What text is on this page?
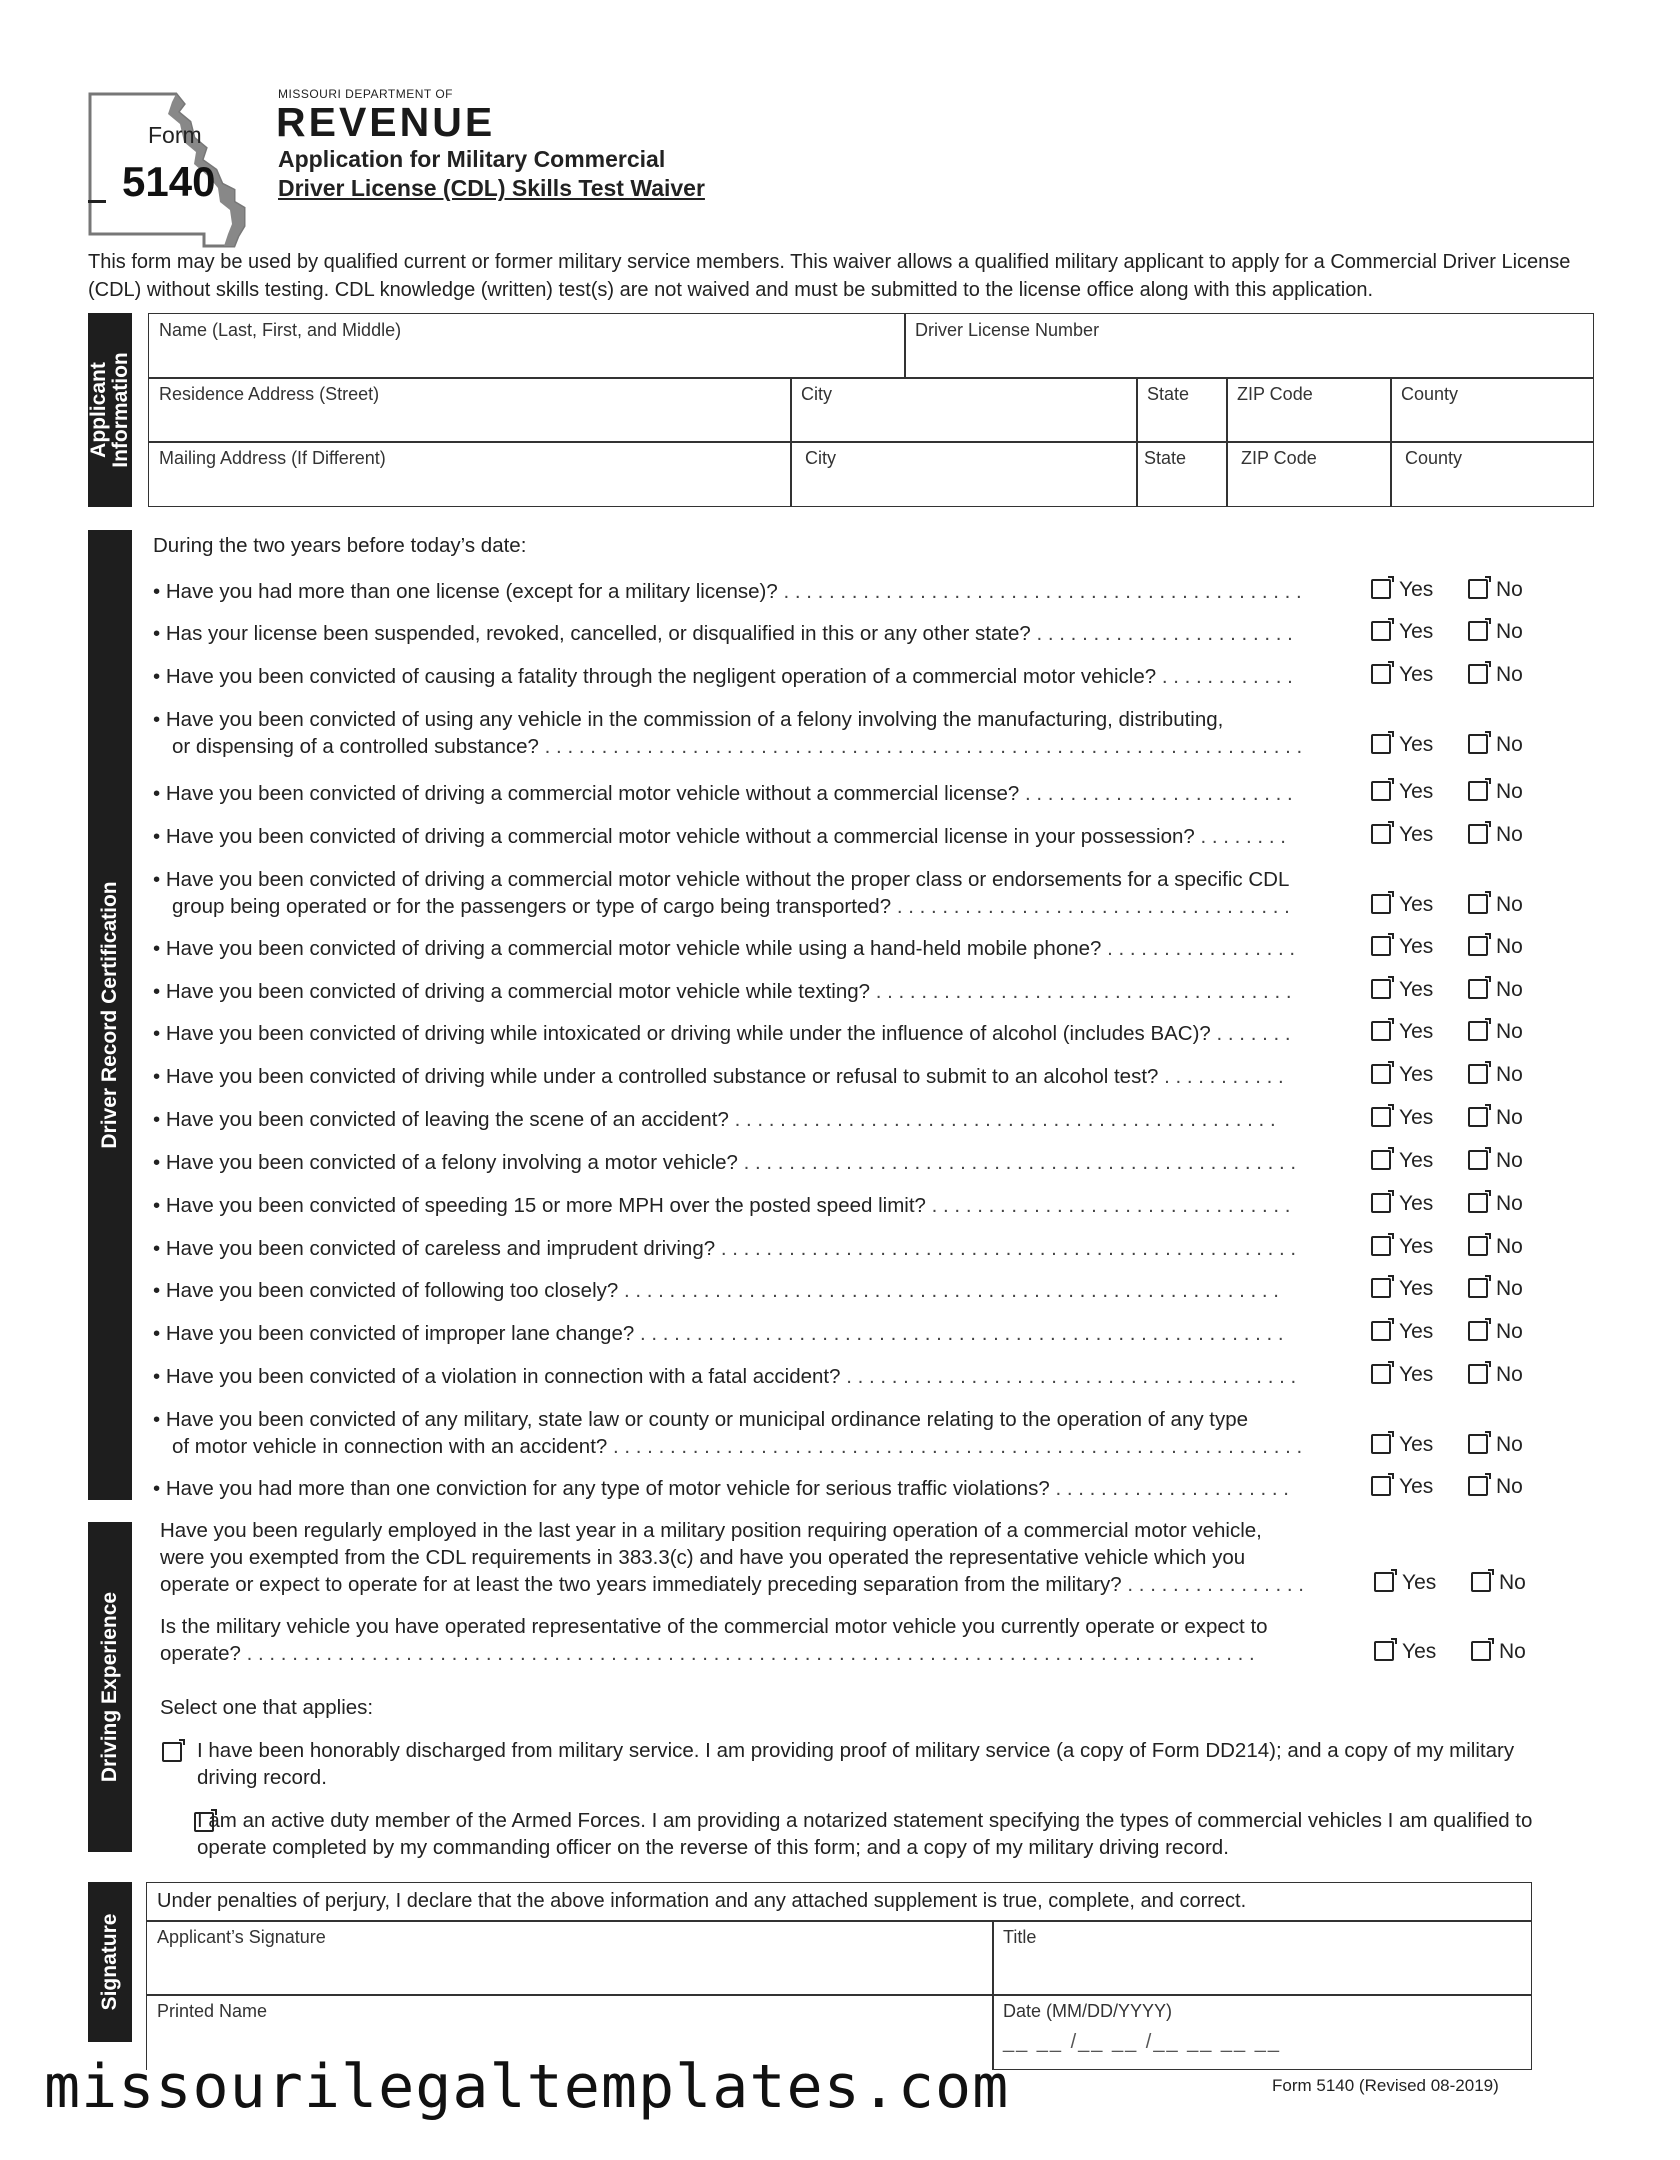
Form
5140
MISSOURI DEPARTMENT OF
REVENUE
Application for Military Commercial
Driver License (CDL) Skills Test Waiver
This form may be used by qualified current or former military service members. This waiver allows a qualified military applicant to apply for a Commercial Driver License (CDL) without skills testing. CDL knowledge (written) test(s) are not waived and must be submitted to the license office along with this application.
Applicant Information
Name (Last, First, and Middle)	Driver License Number
Residence Address (Street)	City	State	ZIP Code	County
Mailing Address (If Different)	City	State	ZIP Code	County
Driver Record Certification
During the two years before today’s date:
• Have you had more than one license (except for a military license)? . . . . . . . . . . . . . . . . . . . . . . . . . . . . . . . . . . . . . . . . . . . . . .	Yes	No
• Has your license been suspended, revoked, cancelled, or disqualified in this or any other state? . . . . . . . . . . . . . . . . . . . . . . .	Yes	No
• Have you been convicted of causing a fatality through the negligent operation of a commercial motor vehicle? . . . . . . . . . . . .	Yes	No
• Have you been convicted of using any vehicle in the commission of a felony involving the manufacturing, distributing,
or dispensing of a controlled substance? . . . . . . . . . . . . . . . . . . . . . . . . . . . . . . . . . . . . . . . . . . . . . . . . . . . . . . . . . . . . . . . . . . .	Yes	No
• Have you been convicted of driving a commercial motor vehicle without a commercial license? . . . . . . . . . . . . . . . . . . . . . . . .	Yes	No
• Have you been convicted of driving a commercial motor vehicle without a commercial license in your possession? . . . . . . . .	Yes	No
• Have you been convicted of driving a commercial motor vehicle without the proper class or endorsements for a specific CDL
group being operated or for the passengers or type of cargo being transported? . . . . . . . . . . . . . . . . . . . . . . . . . . . . . . . . . . .	Yes	No
• Have you been convicted of driving a commercial motor vehicle while using a hand-held mobile phone? . . . . . . . . . . . . . . . . .	Yes	No
• Have you been convicted of driving a commercial motor vehicle while texting? . . . . . . . . . . . . . . . . . . . . . . . . . . . . . . . . . . . . .	Yes	No
• Have you been convicted of driving while intoxicated or driving while under the influence of alcohol (includes BAC)? . . . . . . .	Yes	No
• Have you been convicted of driving while under a controlled substance or refusal to submit to an alcohol test? . . . . . . . . . . .	Yes	No
• Have you been convicted of leaving the scene of an accident? . . . . . . . . . . . . . . . . . . . . . . . . . . . . . . . . . . . . . . . . . . . . . . . .	Yes	No
• Have you been convicted of a felony involving a motor vehicle? . . . . . . . . . . . . . . . . . . . . . . . . . . . . . . . . . . . . . . . . . . . . . . . . .	Yes	No
• Have you been convicted of speeding 15 or more MPH over the posted speed limit? . . . . . . . . . . . . . . . . . . . . . . . . . . . . . . . .	Yes	No
• Have you been convicted of careless and imprudent driving? . . . . . . . . . . . . . . . . . . . . . . . . . . . . . . . . . . . . . . . . . . . . . . . . . . .	Yes	No
• Have you been convicted of following too closely? . . . . . . . . . . . . . . . . . . . . . . . . . . . . . . . . . . . . . . . . . . . . . . . . . . . . . . . . . .	Yes	No
• Have you been convicted of improper lane change? . . . . . . . . . . . . . . . . . . . . . . . . . . . . . . . . . . . . . . . . . . . . . . . . . . . . . . . . .	Yes	No
• Have you been convicted of a violation in connection with a fatal accident? . . . . . . . . . . . . . . . . . . . . . . . . . . . . . . . . . . . . . . . .	Yes	No
• Have you been convicted of any military, state law or county or municipal ordinance relating to the operation of any type
of motor vehicle in connection with an accident? . . . . . . . . . . . . . . . . . . . . . . . . . . . . . . . . . . . . . . . . . . . . . . . . . . . . . . . . . . . . .	Yes	No
• Have you had more than one conviction for any type of motor vehicle for serious traffic violations? . . . . . . . . . . . . . . . . . . . . .	Yes	No
Driving Experience
Have you been regularly employed in the last year in a military position requiring operation of a commercial motor vehicle,
were you exempted from the CDL requirements in 383.3(c) and have you operated the representative vehicle which you
operate or expect to operate for at least the two years immediately preceding separation from the military? . . . . . . . . . . . . . . . .	Yes	No
Is the military vehicle you have operated representative of the commercial motor vehicle you currently operate or expect to
operate? . . . . . . . . . . . . . . . . . . . . . . . . . . . . . . . . . . . . . . . . . . . . . . . . . . . . . . . . . . . . . . . . . . . . . . . . . . . . . . . . . . . . . . . . .	Yes	No
Select one that applies:

I have been honorably discharged from military service. I am providing proof of military service (a copy of Form DD214); and a copy of my military
driving record.
I am an active duty member of the Armed Forces. I am providing a notarized statement specifying the types of commercial vehicles I am qualified to
operate completed by my commanding officer on the reverse of this form; and a copy of my military driving record.
Signature
Under penalties of perjury, I declare that the above information and any attached supplement is true, complete, and correct.
Applicant’s Signature	Title
Printed Name	Date (MM/DD/YYYY)
__ __ /__ __ /__ __ __ __
missourilegaltemplates.com	Form 5140 (Revised 08-2019)
